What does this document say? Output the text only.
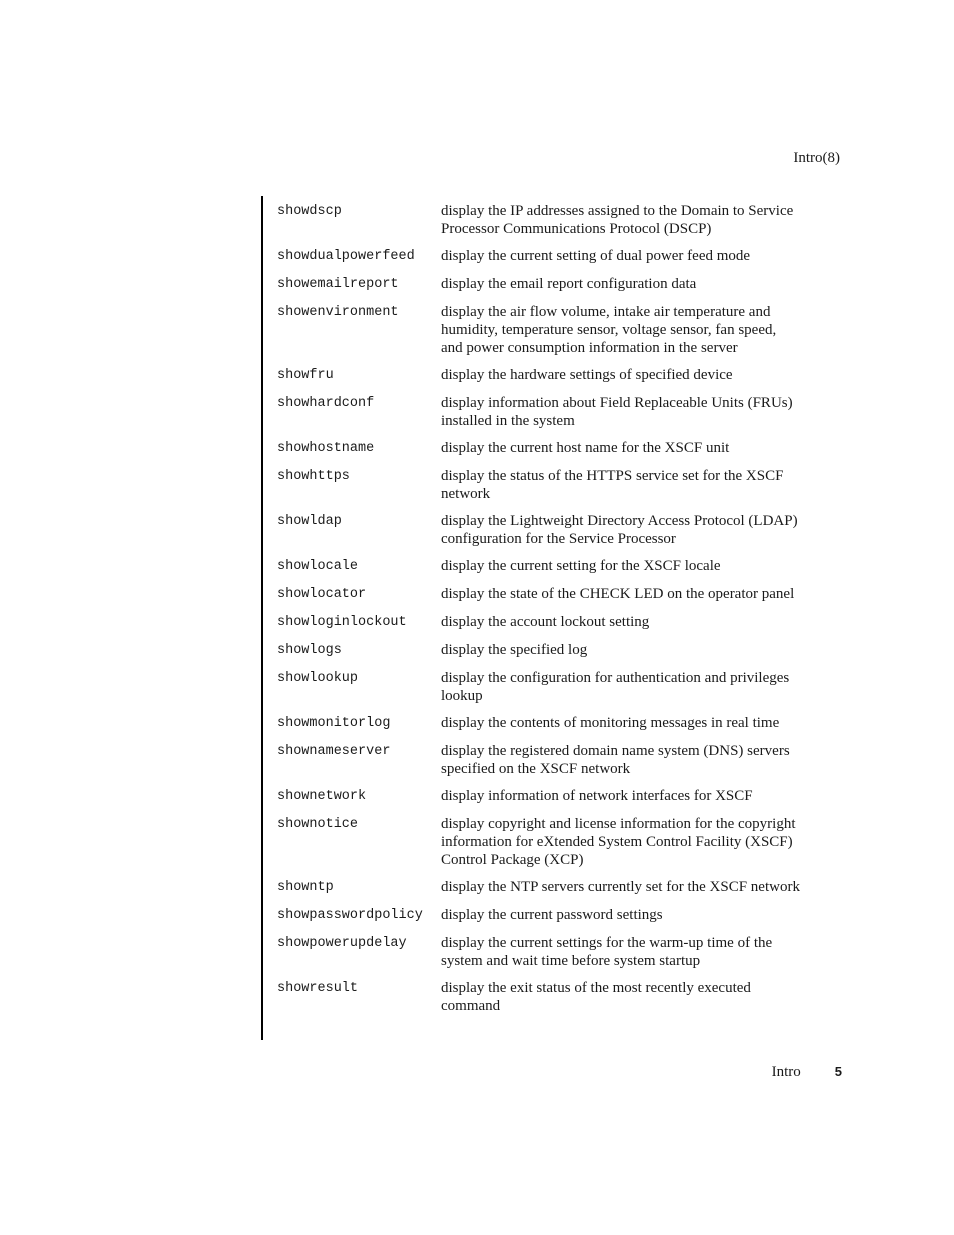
Intro(8)
showdscp	display the IP addresses assigned to the Domain to Service
Processor Communications Protocol (DSCP)
showdualpowerfeed	display the current setting of dual power feed mode
showemailreport	display the email report configuration data
showenvironment	display the air flow volume, intake air temperature and
humidity, temperature sensor, voltage sensor, fan speed,
and power consumption information in the server
showfru	display the hardware settings of specified device
showhardconf	display information about Field Replaceable Units (FRUs)
installed in the system
showhostname	display the current host name for the XSCF unit
showhttps	display the status of the HTTPS service set for the XSCF
network
showldap	display the Lightweight Directory Access Protocol (LDAP)
configuration for the Service Processor
showlocale	display the current setting for the XSCF locale
showlocator	display the state of the CHECK LED on the operator panel
showloginlockout	display the account lockout setting
showlogs	display the specified log
showlookup	display the configuration for authentication and privileges
lookup
showmonitorlog	display the contents of monitoring messages in real time
shownameserver	display the registered domain name system (DNS) servers
specified on the XSCF network
shownetwork	display information of network interfaces for XSCF
shownotice	display copyright and license information for the copyright
information for eXtended System Control Facility (XSCF)
Control Package (XCP)
showntp	display the NTP servers currently set for the XSCF network
showpasswordpolicy	display the current password settings
showpowerupdelay	display the current settings for the warm-up time of the
system and wait time before system startup
showresult	display the exit status of the most recently executed
command
Intro	5
